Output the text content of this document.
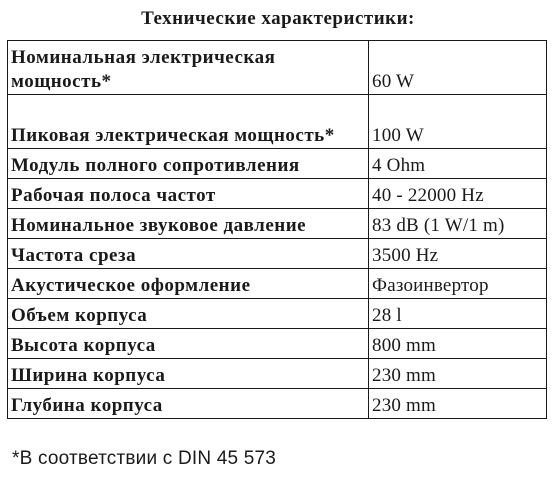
Технические характеристики:
Номинальная электрическая мощность*	60 W
Пиковая электрическая мощность*	100 W
Модуль полного сопротивления	4 Ohm
Рабочая полоса частот	40 - 22000 Hz
Номинальное звуковое давление	83 dB (1 W/1 m)
Частота среза	3500 Hz
Акустическое оформление	Фазоинвертор
Объем корпуса	28 l
Высота корпуса	800 mm
Ширина корпуса	230 mm
Глубина корпуса	230 mm
*В соответствии с DIN 45 573
